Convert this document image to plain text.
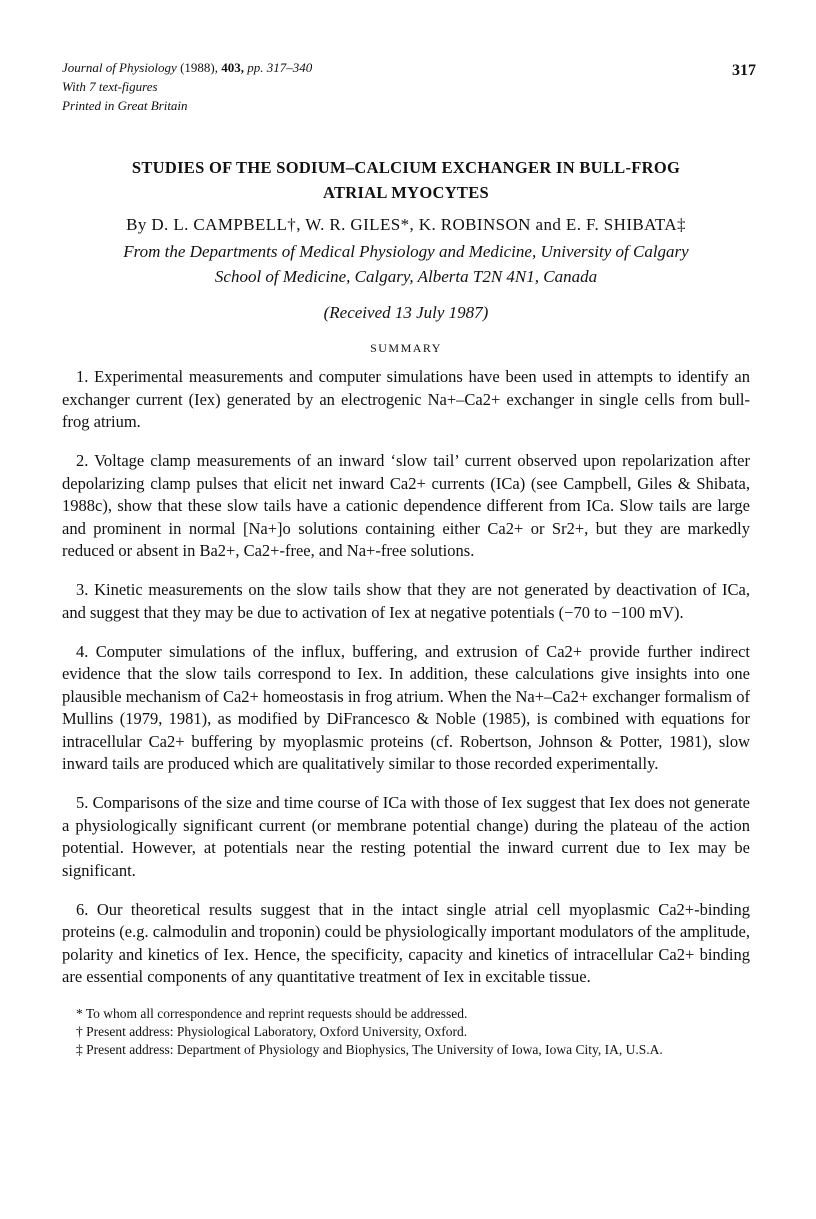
Journal of Physiology (1988), 403, pp. 317–340
With 7 text-figures
Printed in Great Britain
317
STUDIES OF THE SODIUM–CALCIUM EXCHANGER IN BULL-FROG
ATRIAL MYOCYTES
By D. L. CAMPBELL†, W. R. GILES*, K. ROBINSON and E. F. SHIBATA‡
From the Departments of Medical Physiology and Medicine, University of Calgary
School of Medicine, Calgary, Alberta T2N 4N1, Canada
(Received 13 July 1987)
SUMMARY

1. Experimental measurements and computer simulations have been used in attempts to identify an exchanger current (Iex) generated by an electrogenic Na+–Ca2+ exchanger in single cells from bull-frog atrium.

2. Voltage clamp measurements of an inward ‘slow tail’ current observed upon repolarization after depolarizing clamp pulses that elicit net inward Ca2+ currents (ICa) (see Campbell, Giles & Shibata, 1988c), show that these slow tails have a cationic dependence different from ICa. Slow tails are large and prominent in normal [Na+]o solutions containing either Ca2+ or Sr2+, but they are markedly reduced or absent in Ba2+, Ca2+-free, and Na+-free solutions.

3. Kinetic measurements on the slow tails show that they are not generated by deactivation of ICa, and suggest that they may be due to activation of Iex at negative potentials (−70 to −100 mV).

4. Computer simulations of the influx, buffering, and extrusion of Ca2+ provide further indirect evidence that the slow tails correspond to Iex. In addition, these calculations give insights into one plausible mechanism of Ca2+ homeostasis in frog atrium. When the Na+–Ca2+ exchanger formalism of Mullins (1979, 1981), as modified by DiFrancesco & Noble (1985), is combined with equations for intracellular Ca2+ buffering by myoplasmic proteins (cf. Robertson, Johnson & Potter, 1981), slow inward tails are produced which are qualitatively similar to those recorded experimentally.

5. Comparisons of the size and time course of ICa with those of Iex suggest that Iex does not generate a physiologically significant current (or membrane potential change) during the plateau of the action potential. However, at potentials near the resting potential the inward current due to Iex may be significant.

6. Our theoretical results suggest that in the intact single atrial cell myoplasmic Ca2+-binding proteins (e.g. calmodulin and troponin) could be physiologically important modulators of the amplitude, polarity and kinetics of Iex. Hence, the specificity, capacity and kinetics of intracellular Ca2+ binding are essential components of any quantitative treatment of Iex in excitable tissue.

* To whom all correspondence and reprint requests should be addressed.
† Present address: Physiological Laboratory, Oxford University, Oxford.
‡ Present address: Department of Physiology and Biophysics, The University of Iowa, Iowa City, IA, U.S.A.
